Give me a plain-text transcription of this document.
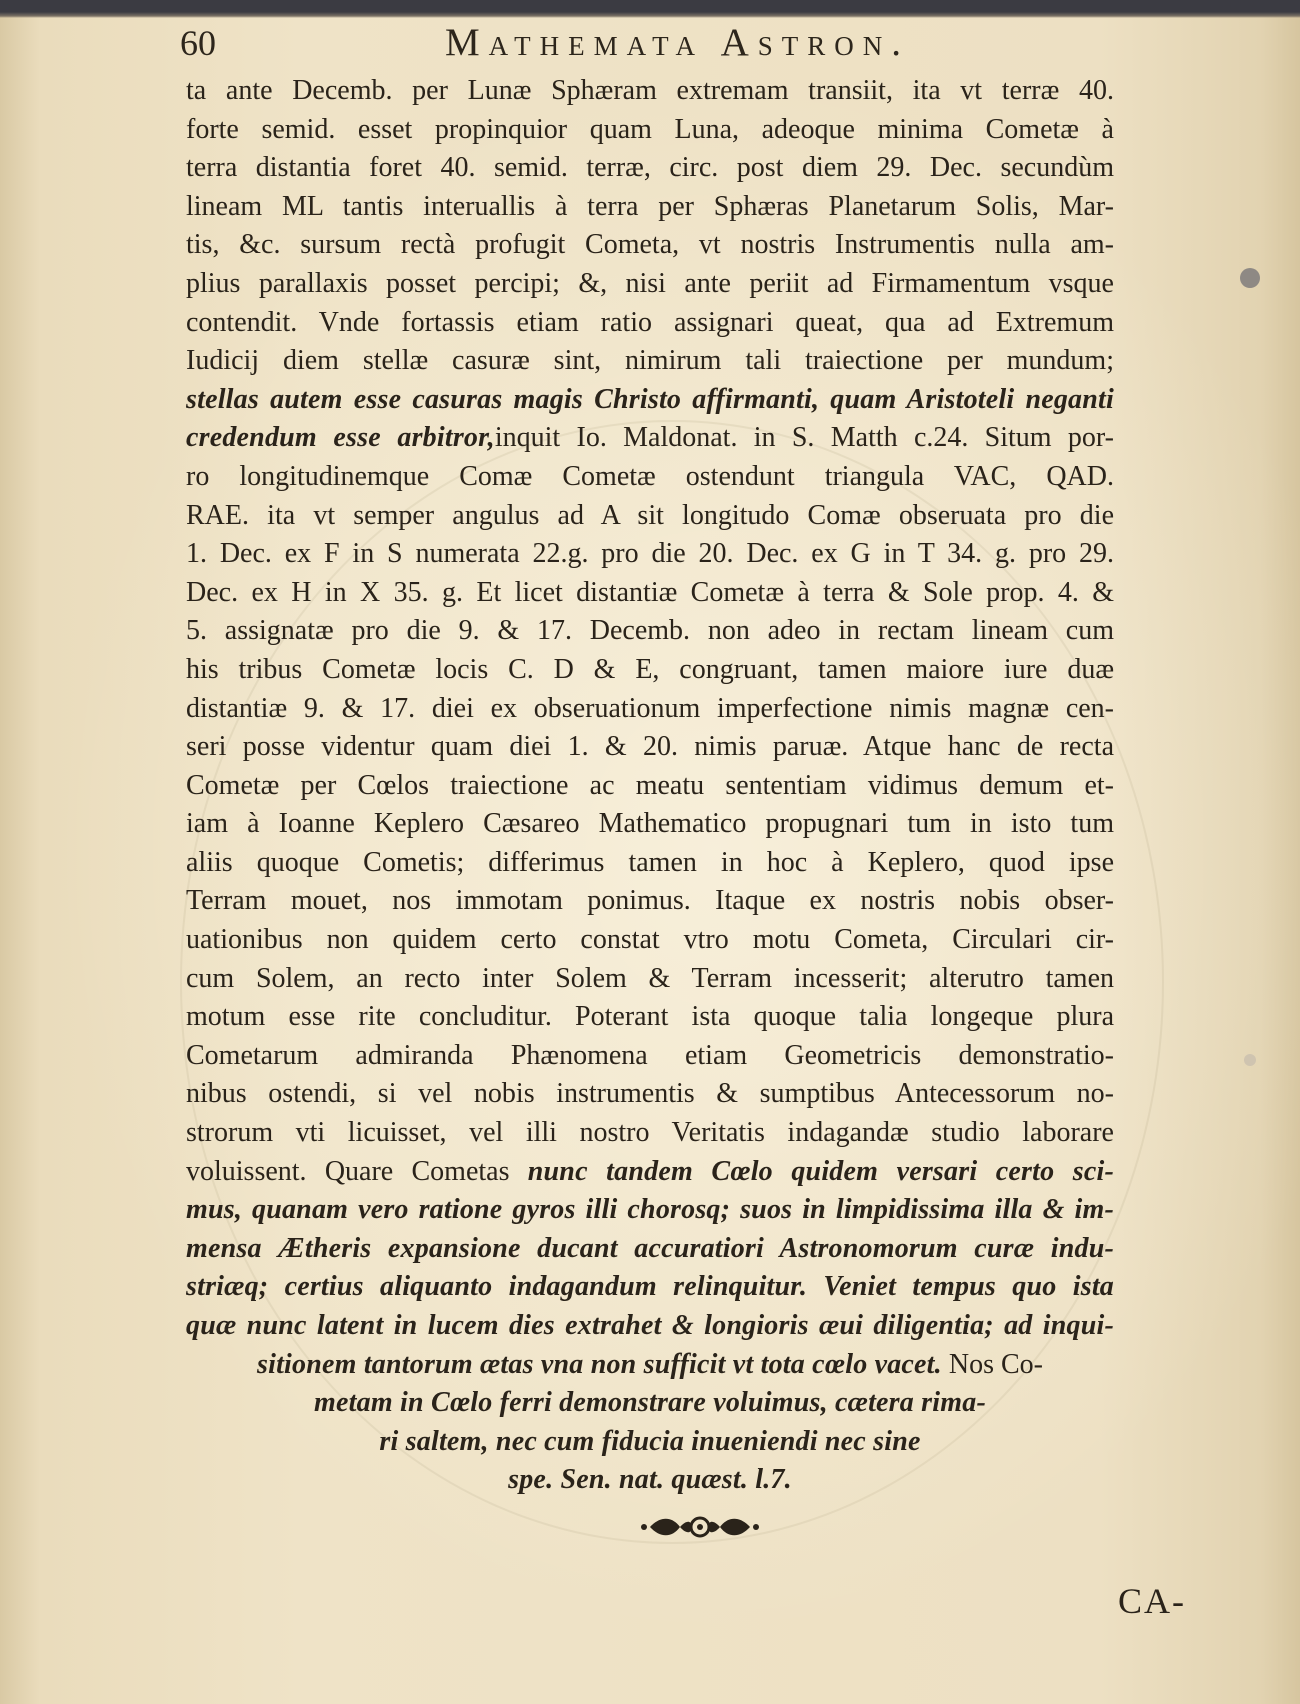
60	Mathemata Astron.
ta ante Decemb. per Lunæ Sphæram extremam transiit, ita vt terræ 40.
forte semid. esset propinquior quam Luna, adeoque minima Cometæ à
terra distantia foret 40. semid. terræ, circ. post diem 29. Dec. secundùm
lineam ML tantis interuallis à terra per Sphæras Planetarum Solis, Mar-
tis, &c. sursum rectà profugit Cometa, vt nostris Instrumentis nulla am-
plius parallaxis posset percipi; &, nisi ante periit ad Firmamentum vsque
contendit. Vnde fortassis etiam ratio assignari queat, qua ad Extremum
Iudicij diem stellæ casuræ sint, nimirum tali traiectione per mundum;
stellas autem esse casuras magis Christo affirmanti, quam Aristoteli neganti
credendum esse arbitror,inquit Io. Maldonat. in S. Matth c.24. Situm por-
ro longitudinemque Comæ Cometæ ostendunt triangula VAC, QAD.
RAE. ita vt semper angulus ad A sit longitudo Comæ obseruata pro die
1. Dec. ex F in S numerata 22.g. pro die 20. Dec. ex G in T 34. g. pro 29.
Dec. ex H in X 35. g. Et licet distantiæ Cometæ à terra & Sole prop. 4. &
5. assignatæ pro die 9. & 17. Decemb. non adeo in rectam lineam cum
his tribus Cometæ locis C. D & E, congruant, tamen maiore iure duæ
distantiæ 9. & 17. diei ex obseruationum imperfectione nimis magnæ cen-
seri posse videntur quam diei 1. & 20. nimis paruæ. Atque hanc de recta
Cometæ per Cœlos traiectione ac meatu sententiam vidimus demum et-
iam à Ioanne Keplero Cæsareo Mathematico propugnari tum in isto tum
aliis quoque Cometis; differimus tamen in hoc à Keplero, quod ipse
Terram mouet, nos immotam ponimus. Itaque ex nostris nobis obser-
uationibus non quidem certo constat vtro motu Cometa, Circulari cir-
cum Solem, an recto inter Solem & Terram incesserit; alterutro tamen
motum esse rite concluditur. Poterant ista quoque talia longeque plura
Cometarum admiranda Phænomena etiam Geometricis demonstratio-
nibus ostendi, si vel nobis instrumentis & sumptibus Antecessorum no-
strorum vti licuisset, vel illi nostro Veritatis indagandæ studio laborare
voluissent. Quare Cometas nunc tandem Cœlo quidem versari certo sci-
mus, quanam vero ratione gyros illi chorosq; suos in limpidissima illa & im-
mensa Ætheris expansione ducant accuratiori Astronomorum curæ indu-
striæq; certius aliquanto indagandum relinquitur. Veniet tempus quo ista
quæ nunc latent in lucem dies extrahet & longioris æui diligentia; ad inqui-
sitionem tantorum ætas vna non sufficit vt tota cœlo vacet. Nos Co-
metam in Cœlo ferri demonstrare voluimus, cætera rima-
ri saltem, nec cum fiducia inueniendi nec sine
spe. Sen. nat. quæst. l.7.
CA-
